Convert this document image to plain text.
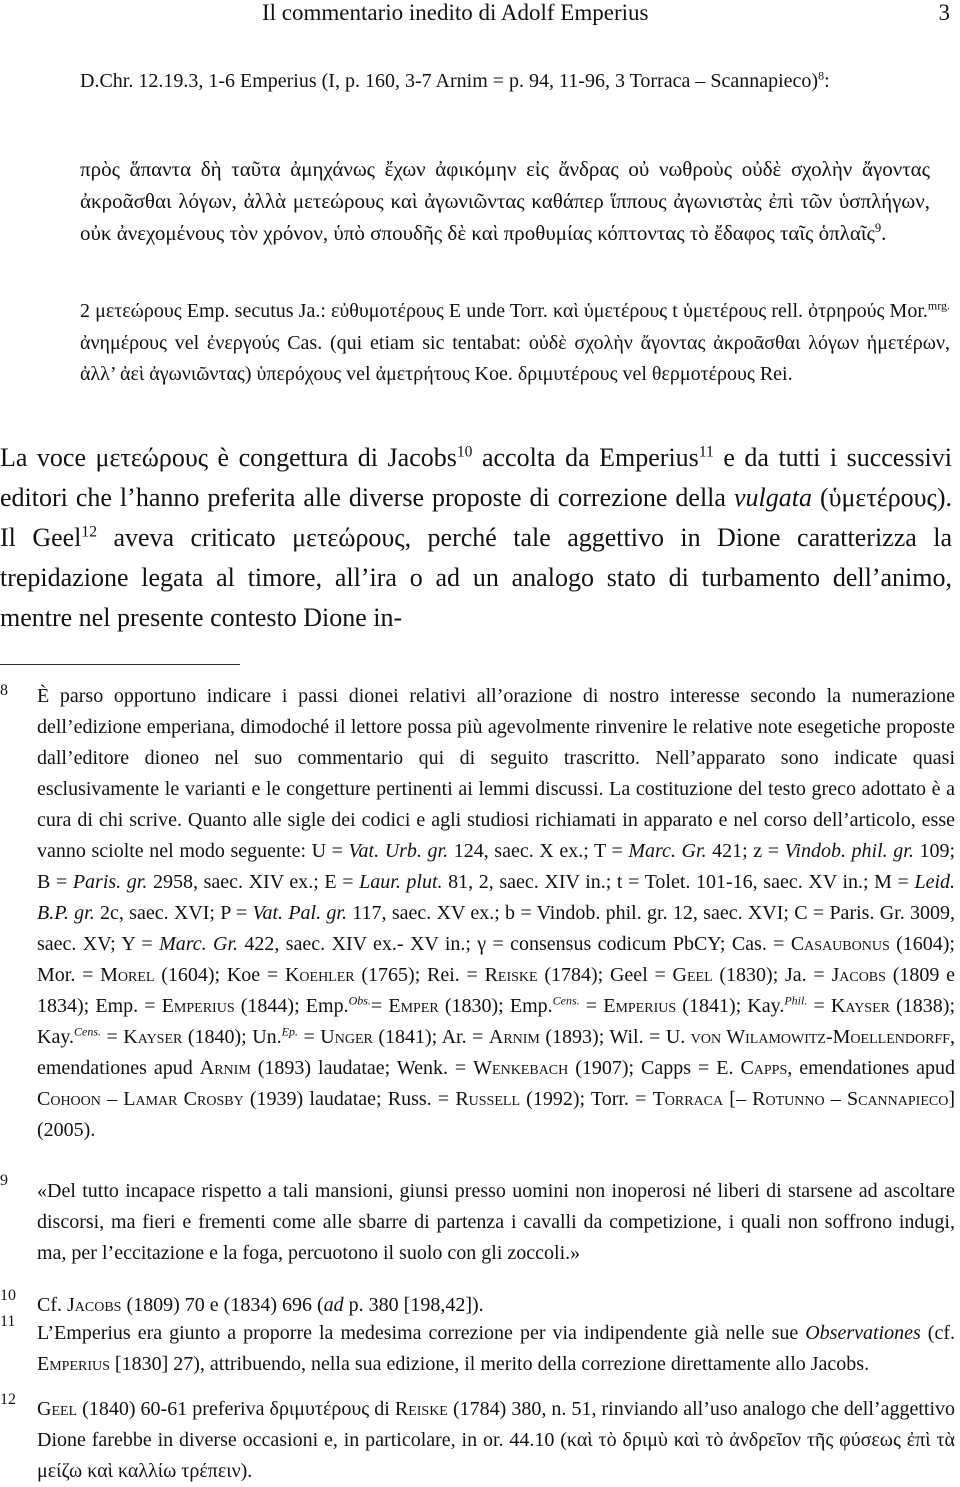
Il commentario inedito di Adolf Emperius	3
D.Chr. 12.19.3, 1-6 Emperius (I, p. 160, 3-7 Arnim = p. 94, 11-96, 3 Torraca – Scannapieco)$^8$:
πρὸς ἅπαντα δὴ ταῦτα ἀμηχάνως ἔχων ἀφικόμην εἰς ἄνδρας οὐ νωθροὺς οὐδὲ σχολὴν ἄγοντας ἀκροᾶσθαι λόγων, ἀλλὰ μετεώρους καὶ ἀγωνιῶντας καθάπερ ἵππους ἀγωνιστὰς ἐπὶ τῶν ὑσπλήγων, οὐκ ἀνεχομένους τὸν χρόνον, ὑπὸ σπουδῆς δὲ καὶ προθυμίας κόπτοντας τὸ ἔδαφος ταῖς ὁπλαῖς$^9$.
2 μετεώρους Emp. secutus Ja.: εὐθυμοτέρους E unde Torr. καὶ ὑμετέρους t ὑμετέρους rell. ὀτρηρούς Mor.$^{mrg.}$ ἀνημέρους vel ἐνεργούς Cas. (qui etiam sic tentabat: οὐδὲ σχολὴν ἄγοντας ἀκροᾶσθαι λόγων ἡμετέρων, ἀλλ’ ἀεὶ ἀγωνιῶντας) ὑπερόχους vel ἀμετρήτους Koe. δριμυτέρους vel θερμοτέρους Rei.
La voce μετεώρους è congettura di Jacobs$^{10}$ accolta da Emperius$^{11}$ e da tutti i successivi editori che l’hanno preferita alle diverse proposte di correzione della vulgata (ὑμετέρους). Il Geel$^{12}$ aveva criticato μετεώρους, perché tale aggettivo in Dione caratterizza la trepidazione legata al timore, all’ira o ad un analogo stato di turbamento dell’animo, mentre nel presente contesto Dione in-
8 È parso opportuno indicare i passi dionei relativi all’orazione di nostro interesse secondo la numerazione dell’edizione emperiana, dimodoché il lettore possa più agevolmente rinvenire le relative note esegetiche proposte dall’editore dioneo nel suo commentario qui di seguito trascritto. Nell’apparato sono indicate quasi esclusivamente le varianti e le congetture pertinenti ai lemmi discussi. La costituzione del testo greco adottato è a cura di chi scrive. Quanto alle sigle dei codici e agli studiosi richiamati in apparato e nel corso dell’articolo, esse vanno sciolte nel modo seguente: U = Vat. Urb. gr. 124, saec. X ex.; T = Marc. Gr. 421; z = Vindob. phil. gr. 109; B = Paris. gr. 2958, saec. XIV ex.; E = Laur. plut. 81, 2, saec. XIV in.; t = Tolet. 101-16, saec. XV in.; M = Leid. B.P. gr. 2c, saec. XVI; P = Vat. Pal. gr. 117, saec. XV ex.; b = Vindob. phil. gr. 12, saec. XVI; C = Paris. Gr. 3009, saec. XV; Y = Marc. Gr. 422, saec. XIV ex.- XV in.; γ = consensus codicum PbCY; Cas. = Casaubonus (1604); Mor. = Morel (1604); Koe = Koehler (1765); Rei. = Reiske (1784); Geel = Geel (1830); Ja. = Jacobs (1809 e 1834); Emp. = Emperius (1844); Emp.$^{Obs.}$= Emper (1830); Emp.$^{Cens.}$ = Emperius (1841); Kay.$^{Phil.}$ = Kayser (1838); Kay.$^{Cens.}$ = Kayser (1840); Un.$^{Ep.}$ = Unger (1841); Ar. = Arnim (1893); Wil. = U. von Wilamowitz-Moellendorff, emendationes apud Arnim (1893) laudatae; Wenk. = Wenkebach (1907); Capps = E. Capps, emendationes apud Cohoon – Lamar Crosby (1939) laudatae; Russ. = Russell (1992); Torr. = Torraca [– Rotunno – Scannapieco] (2005).
9 «Del tutto incapace rispetto a tali mansioni, giunsi presso uomini non inoperosi né liberi di starsene ad ascoltare discorsi, ma fieri e frementi come alle sbarre di partenza i cavalli da competizione, i quali non soffrono indugi, ma, per l’eccitazione e la foga, percuotono il suolo con gli zoccoli.»
10 Cf. Jacobs (1809) 70 e (1834) 696 (ad p. 380 [198,42]).
11
L’Emperius era giunto a proporre la medesima correzione per via indipendente già nelle sue Observationes (cf. Emperius [1830] 27), attribuendo, nella sua edizione, il merito della correzione direttamente allo Jacobs.
12 Geel (1840) 60-61 preferiva δριμυτέρους di Reiske (1784) 380, n. 51, rinviando all’uso analogo che dell’aggettivo Dione farebbe in diverse occasioni e, in particolare, in or. 44.10 (καὶ τὸ δριμὺ καὶ τὸ ἀνδρεῖον τῆς φύσεως ἐπὶ τὰ μείζω καὶ καλλίω τρέπειν).
